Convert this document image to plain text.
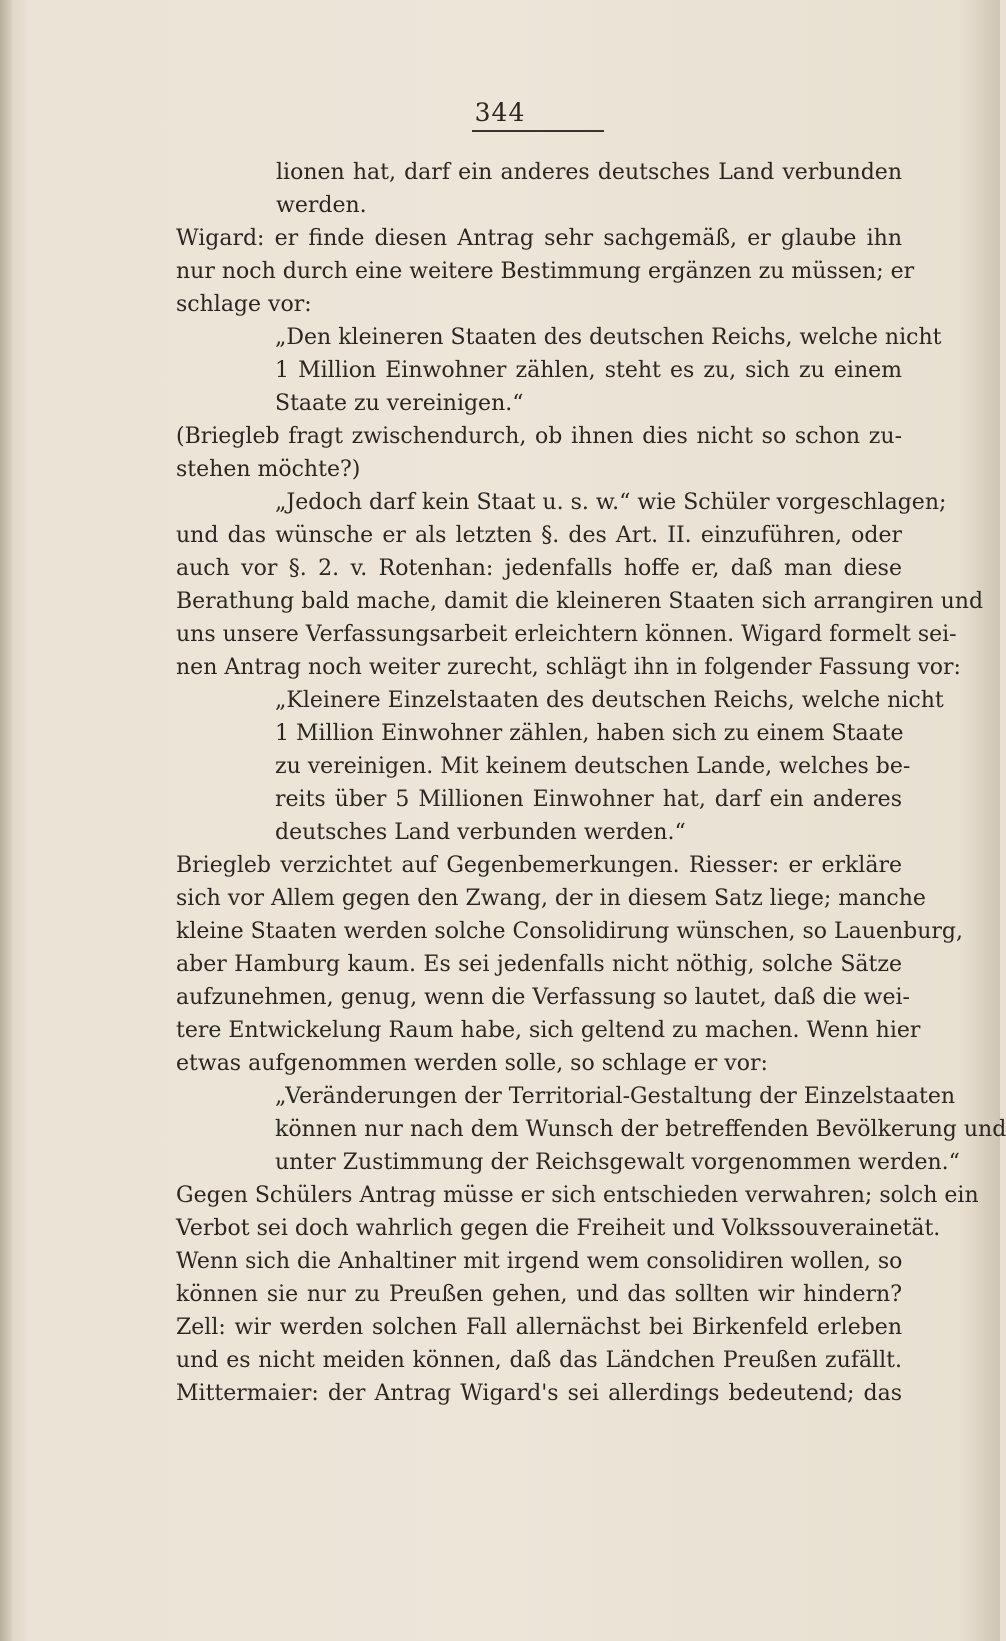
344
lionen hat, darf ein anderes deutsches Land verbunden
werden.
Wigard: er finde diesen Antrag sehr sachgemäß, er glaube ihn
nur noch durch eine weitere Bestimmung ergänzen zu müssen; er
schlage vor:
„Den kleineren Staaten des deutschen Reichs, welche nicht
1 Million Einwohner zählen, steht es zu, sich zu einem
Staate zu vereinigen.“
(Briegleb fragt zwischendurch, ob ihnen dies nicht so schon zu-
stehen möchte?)
„Jedoch darf kein Staat u. s. w.“ wie Schüler vorgeschlagen;
und das wünsche er als letzten §. des Art. II. einzuführen, oder
auch vor §. 2. v. Rotenhan: jedenfalls hoffe er, daß man diese
Berathung bald mache, damit die kleineren Staaten sich arrangiren und
uns unsere Verfassungsarbeit erleichtern können. Wigard formelt sei-
nen Antrag noch weiter zurecht, schlägt ihn in folgender Fassung vor:
„Kleinere Einzelstaaten des deutschen Reichs, welche nicht
1 Million Einwohner zählen, haben sich zu einem Staate
zu vereinigen. Mit keinem deutschen Lande, welches be-
reits über 5 Millionen Einwohner hat, darf ein anderes
deutsches Land verbunden werden.“
Briegleb verzichtet auf Gegenbemerkungen. Riesser: er erkläre
sich vor Allem gegen den Zwang, der in diesem Satz liege; manche
kleine Staaten werden solche Consolidirung wünschen, so Lauenburg,
aber Hamburg kaum. Es sei jedenfalls nicht nöthig, solche Sätze
aufzunehmen, genug, wenn die Verfassung so lautet, daß die wei-
tere Entwickelung Raum habe, sich geltend zu machen. Wenn hier
etwas aufgenommen werden solle, so schlage er vor:
„Veränderungen der Territorial-Gestaltung der Einzelstaaten
können nur nach dem Wunsch der betreffenden Bevölkerung und
unter Zustimmung der Reichsgewalt vorgenommen werden.“
Gegen Schülers Antrag müsse er sich entschieden verwahren; solch ein
Verbot sei doch wahrlich gegen die Freiheit und Volkssouverainetät.
Wenn sich die Anhaltiner mit irgend wem consolidiren wollen, so
können sie nur zu Preußen gehen, und das sollten wir hindern?
Zell: wir werden solchen Fall allernächst bei Birkenfeld erleben
und es nicht meiden können, daß das Ländchen Preußen zufällt.
Mittermaier: der Antrag Wigard's sei allerdings bedeutend; das
